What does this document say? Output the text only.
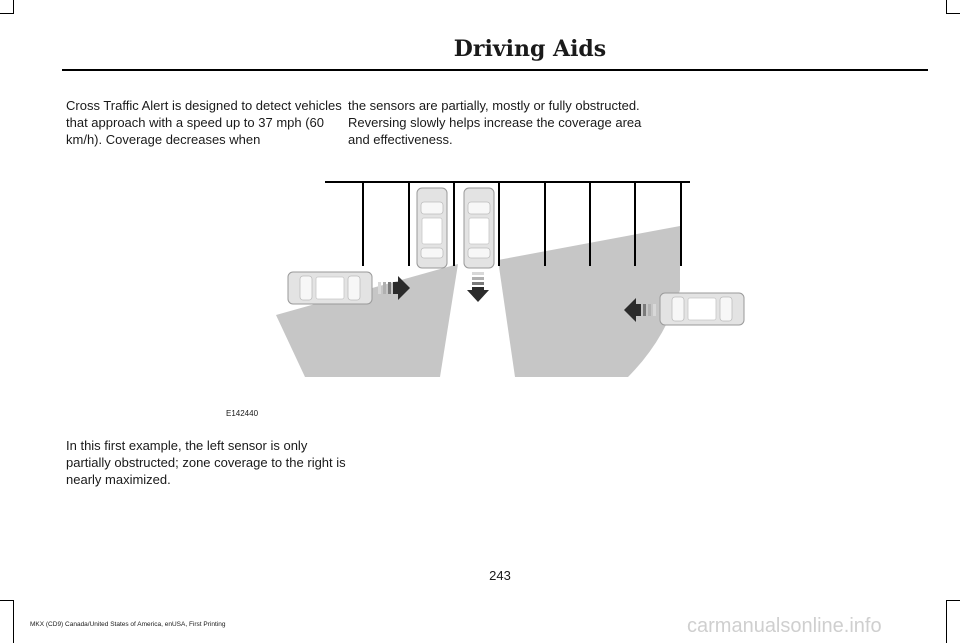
Driving Aids

Cross Traffic Alert is designed to detect vehicles that approach with a speed up to 37 mph (60 km/h). Coverage decreases when

the sensors are partially, mostly or fully obstructed. Reversing slowly helps increase the coverage area and effectiveness.

E142440

In this first example, the left sensor is only partially obstructed; zone coverage to the right is nearly maximized.

243
MKX (CD9) Canada/United States of America, enUSA, First Printing	carmanualsonline.info
